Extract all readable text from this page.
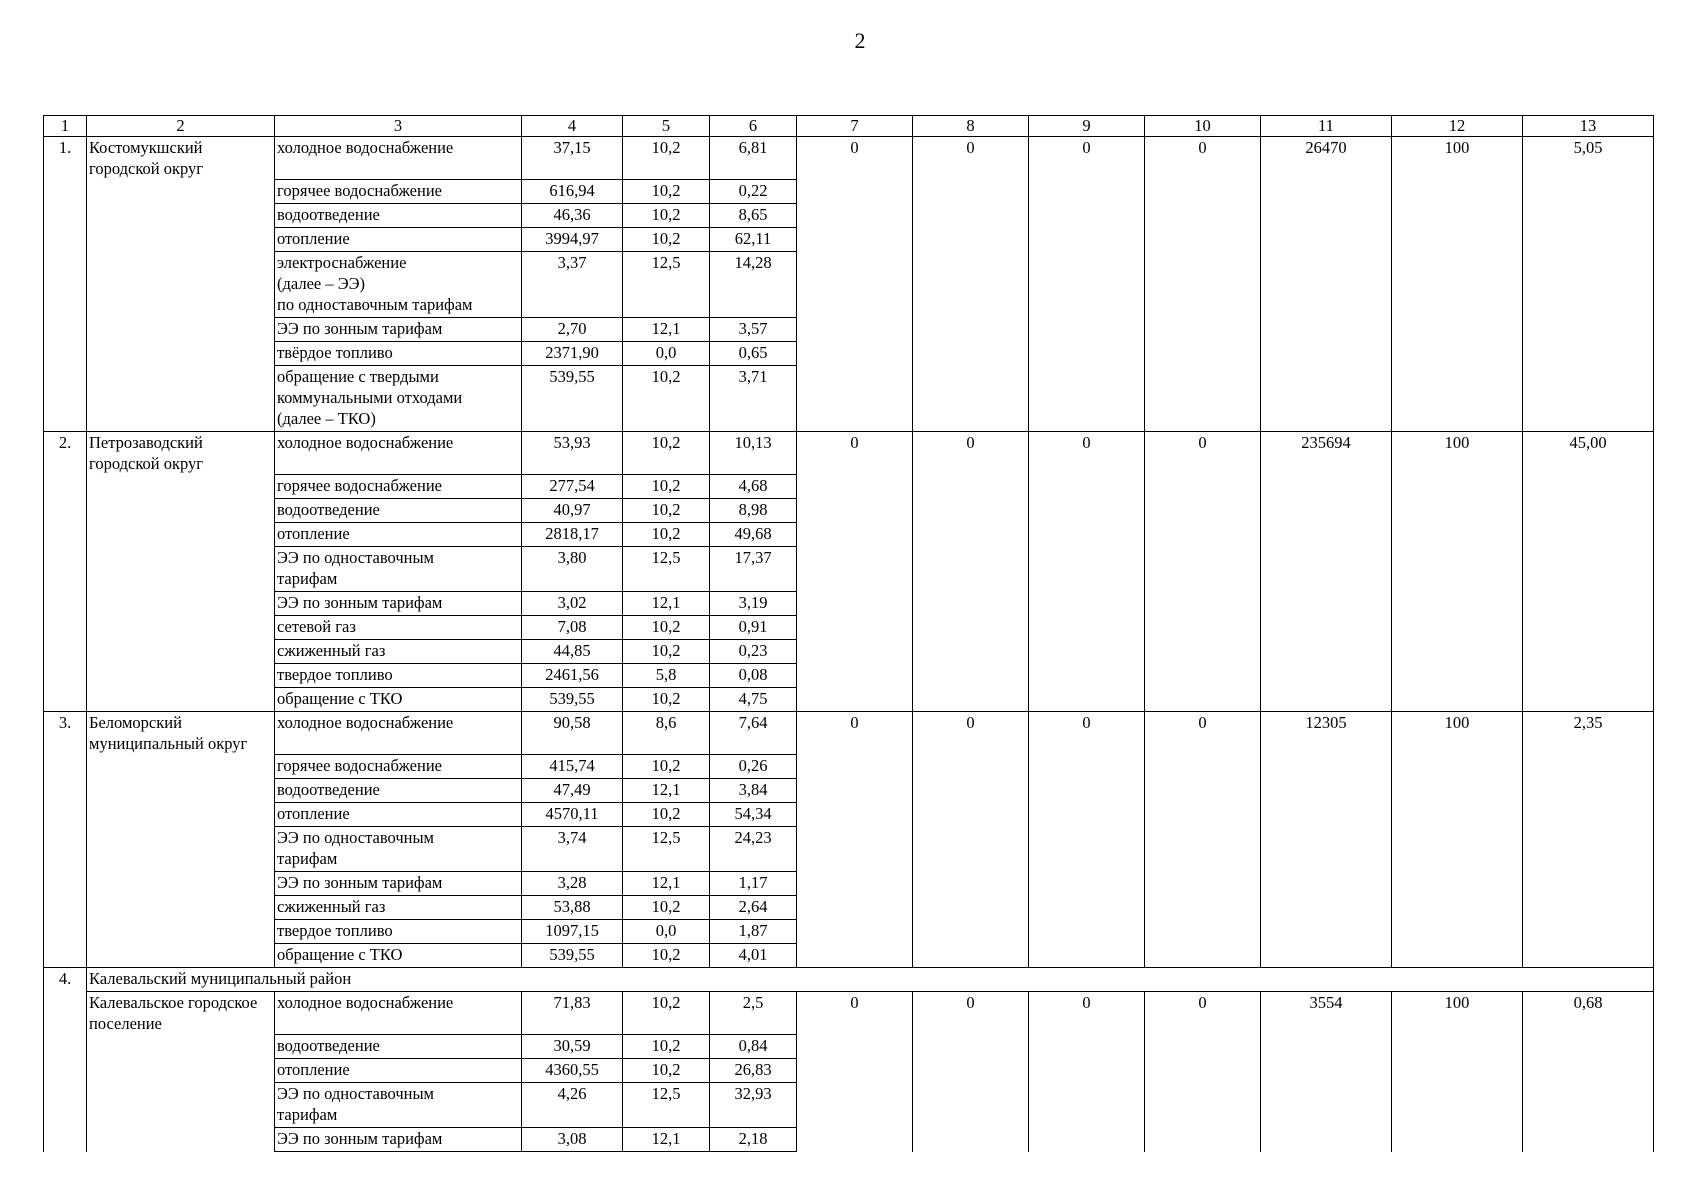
2
1	2	3	4	5	6	7	8	9	10	11	12	13
1.	Костомукшский городской округ	холодное водоснабжение	37,15	10,2	6,81	0	0	0	0	26470	100	5,05
		горячее водоснабжение	616,94	10,2	0,22							
		водоотведение	46,36	10,2	8,65							
		отопление	3994,97	10,2	62,11							
		электроснабжение
(далее – ЭЭ)
по одноставочным тарифам	3,37	12,5	14,28							
		ЭЭ по зонным тарифам	2,70	12,1	3,57							
		твёрдое топливо	2371,90	0,0	0,65							
		обращение с твердыми
коммунальными отходами
(далее – ТКО)	539,55	10,2	3,71							
2.	Петрозаводский городской округ	холодное водоснабжение	53,93	10,2	10,13	0	0	0	0	235694	100	45,00
		горячее водоснабжение	277,54	10,2	4,68							
		водоотведение	40,97	10,2	8,98							
		отопление	2818,17	10,2	49,68							
		ЭЭ по одноставочным
тарифам	3,80	12,5	17,37							
		ЭЭ по зонным тарифам	3,02	12,1	3,19							
		сетевой газ	7,08	10,2	0,91							
		сжиженный газ	44,85	10,2	0,23							
		твердое топливо	2461,56	5,8	0,08							
		обращение с ТКО	539,55	10,2	4,75							
3.	Беломорский муниципальный округ	холодное водоснабжение	90,58	8,6	7,64	0	0	0	0	12305	100	2,35
		горячее водоснабжение	415,74	10,2	0,26							
		водоотведение	47,49	12,1	3,84							
		отопление	4570,11	10,2	54,34							
		ЭЭ по одноставочным
тарифам	3,74	12,5	24,23							
		ЭЭ по зонным тарифам	3,28	12,1	1,17							
		сжиженный газ	53,88	10,2	2,64							
		твердое топливо	1097,15	0,0	1,87							
		обращение с ТКО	539,55	10,2	4,01							
4.	Калевальский муниципальный район											
	Калевальское городское поселение	холодное водоснабжение	71,83	10,2	2,5	0	0	0	0	3554	100	0,68
		водоотведение	30,59	10,2	0,84							
		отопление	4360,55	10,2	26,83							
		ЭЭ по одноставочным
тарифам	4,26	12,5	32,93							
		ЭЭ по зонным тарифам	3,08	12,1	2,18							
